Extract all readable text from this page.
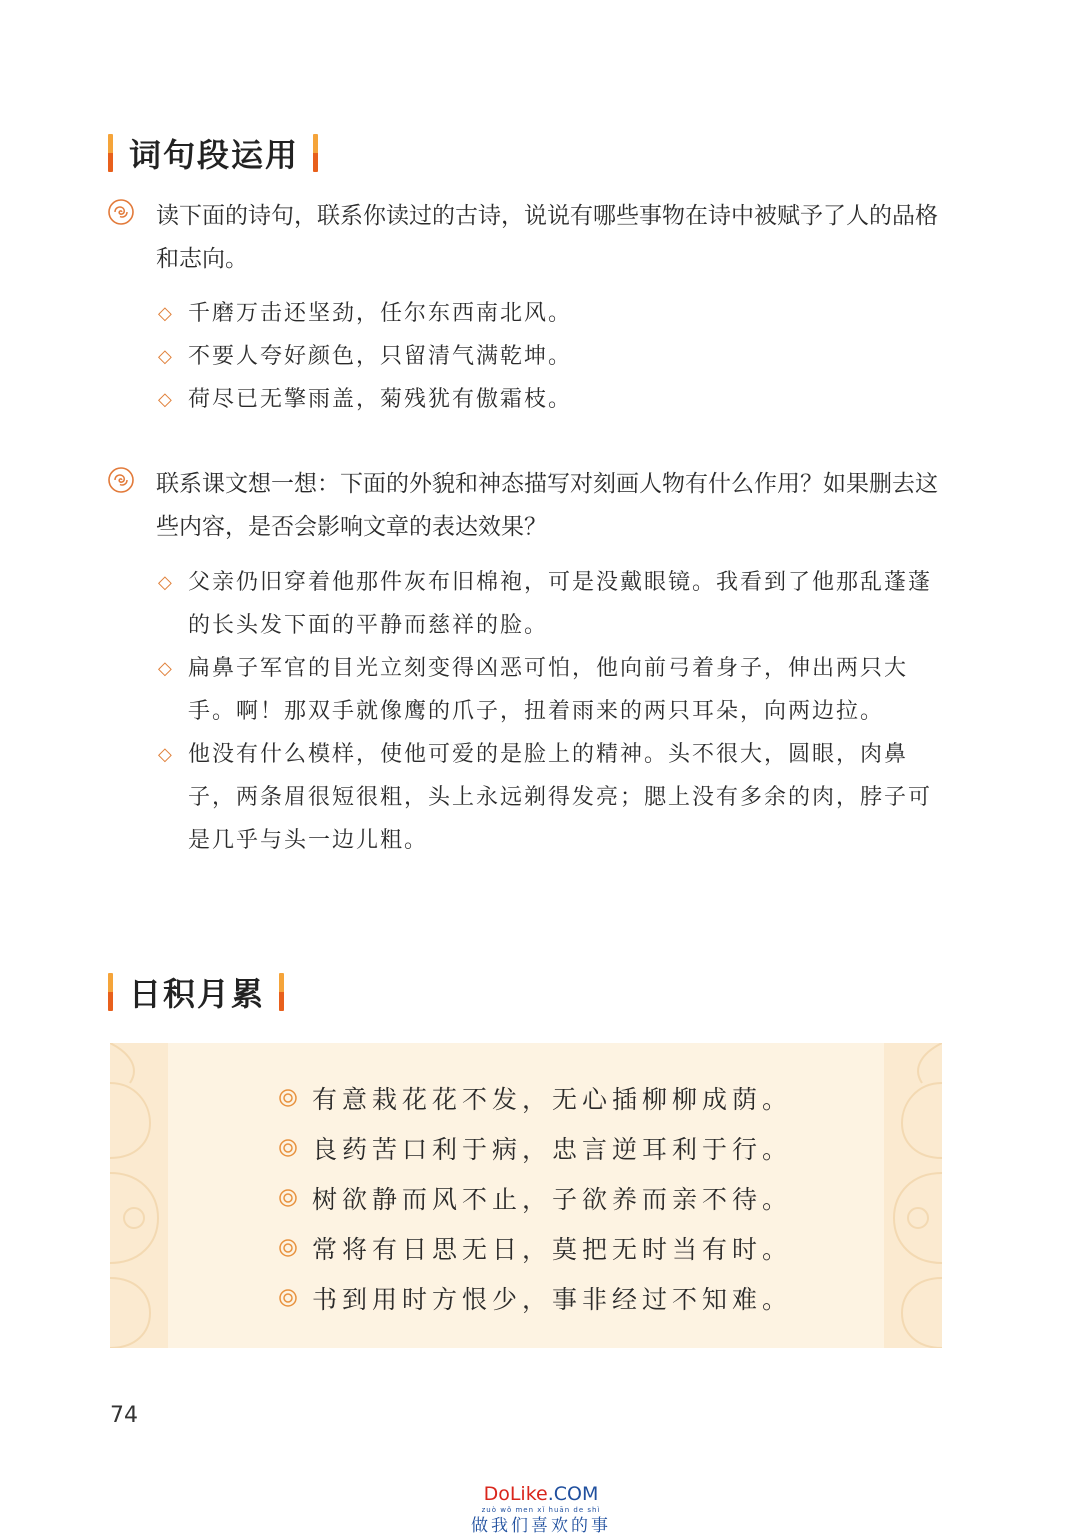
词句段运用
读下面的诗句，联系你读过的古诗，说说有哪些事物在诗中被赋予了人的品格和志向。
◇ 千磨万击还坚劲，任尔东西南北风。
◇ 不要人夸好颜色，只留清气满乾坤。
◇ 荷尽已无擎雨盖，菊残犹有傲霜枝。
联系课文想一想：下面的外貌和神态描写对刻画人物有什么作用？如果删去这些内容，是否会影响文章的表达效果？
◇ 父亲仍旧穿着他那件灰布旧棉袍，可是没戴眼镜。我看到了他那乱蓬蓬的长头发下面的平静而慈祥的脸。
◇ 扁鼻子军官的目光立刻变得凶恶可怕，他向前弓着身子，伸出两只大手。啊！那双手就像鹰的爪子，扭着雨来的两只耳朵，向两边拉。
◇ 他没有什么模样，使他可爱的是脸上的精神。头不很大，圆眼，肉鼻子，两条眉很短很粗，头上永远剃得发亮；腮上没有多余的肉，脖子可是几乎与头一边儿粗。
日积月累
有意栽花花不发，无心插柳柳成荫。
良药苦口利于病，忠言逆耳利于行。
树欲静而风不止，子欲养而亲不待。
常将有日思无日，莫把无时当有时。
书到用时方恨少，事非经过不知难。
74
DoLike.COM
zuò wǒ men xǐ huān de shì
做我们喜欢的事
